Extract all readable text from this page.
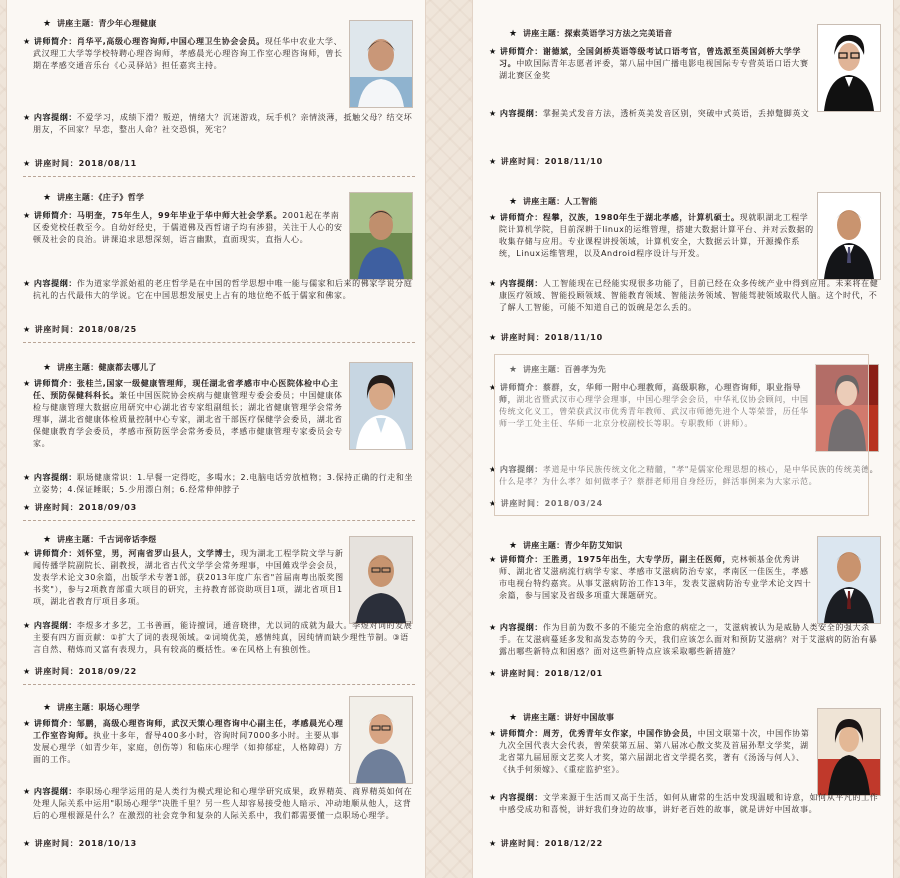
★ 讲座主题：青少年心理健康
★ 讲师简介：肖华平,高级心理咨询师,中国心理卫生协会会员。现任华中农业大学、武汉理工大学等学校特聘心理咨询师，孝感晨光心理咨询工作室心理咨询师，曾长期在孝感交通音乐台《心灵驿站》担任嘉宾主持。
★ 内容提纲：不爱学习，成绩下滑？叛逆，情绪大？沉迷游戏，玩手机？亲情淡薄，抵触父母？结交坏朋友，不回家？早恋，整出人命？社交恐惧，死宅？
★ 讲座时间：2018/08/11
★ 讲座主题：《庄子》哲学
★ 讲师简介：马明奎，75年生人，99年毕业于华中师大社会学系。2001起在孝南区委党校任教至今。自幼好经史，于儒道佛及西哲诸子均有涉猎，关注于人心的安顿及社会的良治。讲课追求思想深刻，语言幽默，直面现实，直指人心。
★ 内容提纲：作为道家学派始祖的老庄哲学是在中国的哲学思想中唯一能与儒家和后来的佛家学说分庭抗礼的古代最伟大的学说。它在中国思想发展史上占有的地位绝不低于儒家和佛家。
★ 讲座时间：2018/08/25
★ 讲座主题：健康都去哪儿了
★ 讲师简介：张桂兰,国家一级健康管理师，现任湖北省孝感市中心医院体检中心主任、预防保健科科长。兼任中国医院协会疾病与健康管理专委会委员；中国健康体检与健康管理大数据应用研究中心湖北省专家组副组长；湖北省健康管理学会常务理事，湖北省健康体检质量控制中心专家，湖北省干部医疗保健学会委员，湖北省保健康教育学会委员，孝感市预防医学会常务委员，孝感市健康管理专家委员会专家。
★ 内容提纲：职场健康常识：1.早餐一定得吃，多喝水；2.电脑电话旁放植物；3.保持正确的行走和坐立姿势；4.保证睡眠；5.少用漂白剂；6.经常伸伸脖子
★ 讲座时间：2018/09/03
★ 讲座主题：千古词帝话李煜
★ 讲师简介：刘怀堂，男，河南省罗山县人，文学博士，现为湖北工程学院文学与新闻传播学院副院长、副教授，湖北省古代文学学会常务理事，中国傩戏学会会员，发表学术论文30余篇，出版学术专著1部，获2013年度广东省"首届南粤出版奖图书奖"），参与2项教育部重大项目的研究，主持教育部资助项目1项，湖北省项目1项，湖北省教育厅项目多项。
★ 内容提纲：李煜多才多艺，工书善画，能诗擅词，通音晓律，尤以词的成就为最大。李煜对词的发展主要有四方面贡献：①扩大了词的表现领域。②词境优美，感情纯真，因纯情而缺少理性节制。③语言自然、精炼而又富有表现力，具有较高的概括性。④在风格上有独创性。
★ 讲座时间：2018/09/22
★ 讲座主题：职场心理学
★ 讲师简介：邹鹏，高级心理咨询师，武汉天策心理咨询中心副主任，孝感晨光心理工作室咨询师。执业十多年，督导400多小时，咨询时间7000多小时。主要从事发展心理学（如青少年，家庭，创伤等）和临床心理学（如抑郁症，人格障碍）方面的工作。
★ 内容提纲：李职场心理学运用的是人类行为模式理论和心理学研究成果，政界精英、商界精英如何在处理人际关系中运用"职场心理学"决胜千里？另一些人却容易接受他人暗示、冲动地顺从他人，这背后的心理根源是什么？在激烈的社会竞争和复杂的人际关系中，我们都需要懂一点职场心理学。
★ 讲座时间：2018/10/13
★ 讲座主题：探索英语学习方法之完美语音
★ 讲师简介：谢德斌，全国剑桥英语等级考试口语考官，曾选派至英国剑桥大学学习。中欧国际青年志愿者评委，第八届中国广播电影电视国际专专营英语口语大赛湖北赛区金奖
★ 内容提纲：掌握美式发音方法，透析英美发音区别，突破中式英语，丢掉蹩脚英文
★ 讲座时间：2018/11/10
★ 讲座主题：人工智能
★ 讲师简介：程攀，汉族，1980年生于湖北孝感，计算机硕士。现就职湖北工程学院计算机学院，目前深耕于linux的运维管理，搭建大数据计算平台、并对云数据的收集存储与应用。专业课程讲授领域，计算机安全，大数据云计算，开源操作系统，Linux运维管理，以及Android程序设计与开发。
★ 内容提纲：人工智能现在已经能实现很多功能了，目前已经在众多传统产业中得到应用。未来将在健康医疗领域、智能投顾领域、智能教育领域、智能法务领域、智能驾驶领域取代人脑。这个时代，不了解人工智能，可能不知道自己的饭碗是怎么丢的。
★ 讲座时间：2018/11/10
★ 讲座主题：百善孝为先
★ 讲师简介：蔡群，女，华师一附中心理教师，高级职称，心理咨询师，职业指导师，湖北省暨武汉市心理学会理事，中国心理学会会员，中华礼仪协会顾问，中国传统文化义工，曾荣获武汉市优秀青年教师、武汉市师德先进个人等荣誉，历任华师一学工处主任、华师一北京分校副校长等职。专职教师（讲师）。
★ 内容提纲：孝道是中华民族传统文化之精髓，"孝"是儒家伦理思想的核心，是中华民族的传统美德。什么是孝？为什么孝？如何做孝子？蔡群老师用自身经历，鲜活事例来为大家示范。
★ 讲座时间：2018/03/24
★ 讲座主题：青少年防艾知识
★ 讲师简介：王胜勇，1975年出生，大专学历，副主任医师，克林顿基金优秀讲师、湖北省艾滋病流行病学专家、孝感市艾滋病防治专家，孝南区一佳医生，孝感市电视台特约嘉宾。从事艾滋病防治工作13年，发表艾滋病防治专业学术论文四十余篇，参与国家及省级多项重大课题研究。
★ 内容提纲：作为目前为数不多的不能完全治愈的病症之一，艾滋病被认为是威胁人类安全的强大杀手。在艾滋病蔓延多发和高发态势的今天，我们应该怎么面对和预防艾滋病？对于艾滋病的防治有暴露出哪些新特点和困惑？面对这些新特点应该采取哪些新措施？
★ 讲座时间：2018/12/01
★ 讲座主题：讲好中国故事
★ 讲师简介：周芳，优秀青年女作家，中国作协会员，中国文联第十次，中国作协第九次全国代表大会代表，曾荣获第五届、第八届冰心散文奖及首届孙犁文学奖，湖北省第九届屈原文艺奖人才奖，第六届湖北省文学提名奖，著有《汤汤与何人》、《执手何须嫁》、《重症监护室》。
★ 内容提纲：文学来源于生活而又高于生活，如何从庸常的生活中发现温暖和诗意，如何从平凡的工作中感受成功和喜悦，讲好我们身边的故事，讲好老百姓的故事，就是讲好中国故事。
★ 讲座时间：2018/12/22
